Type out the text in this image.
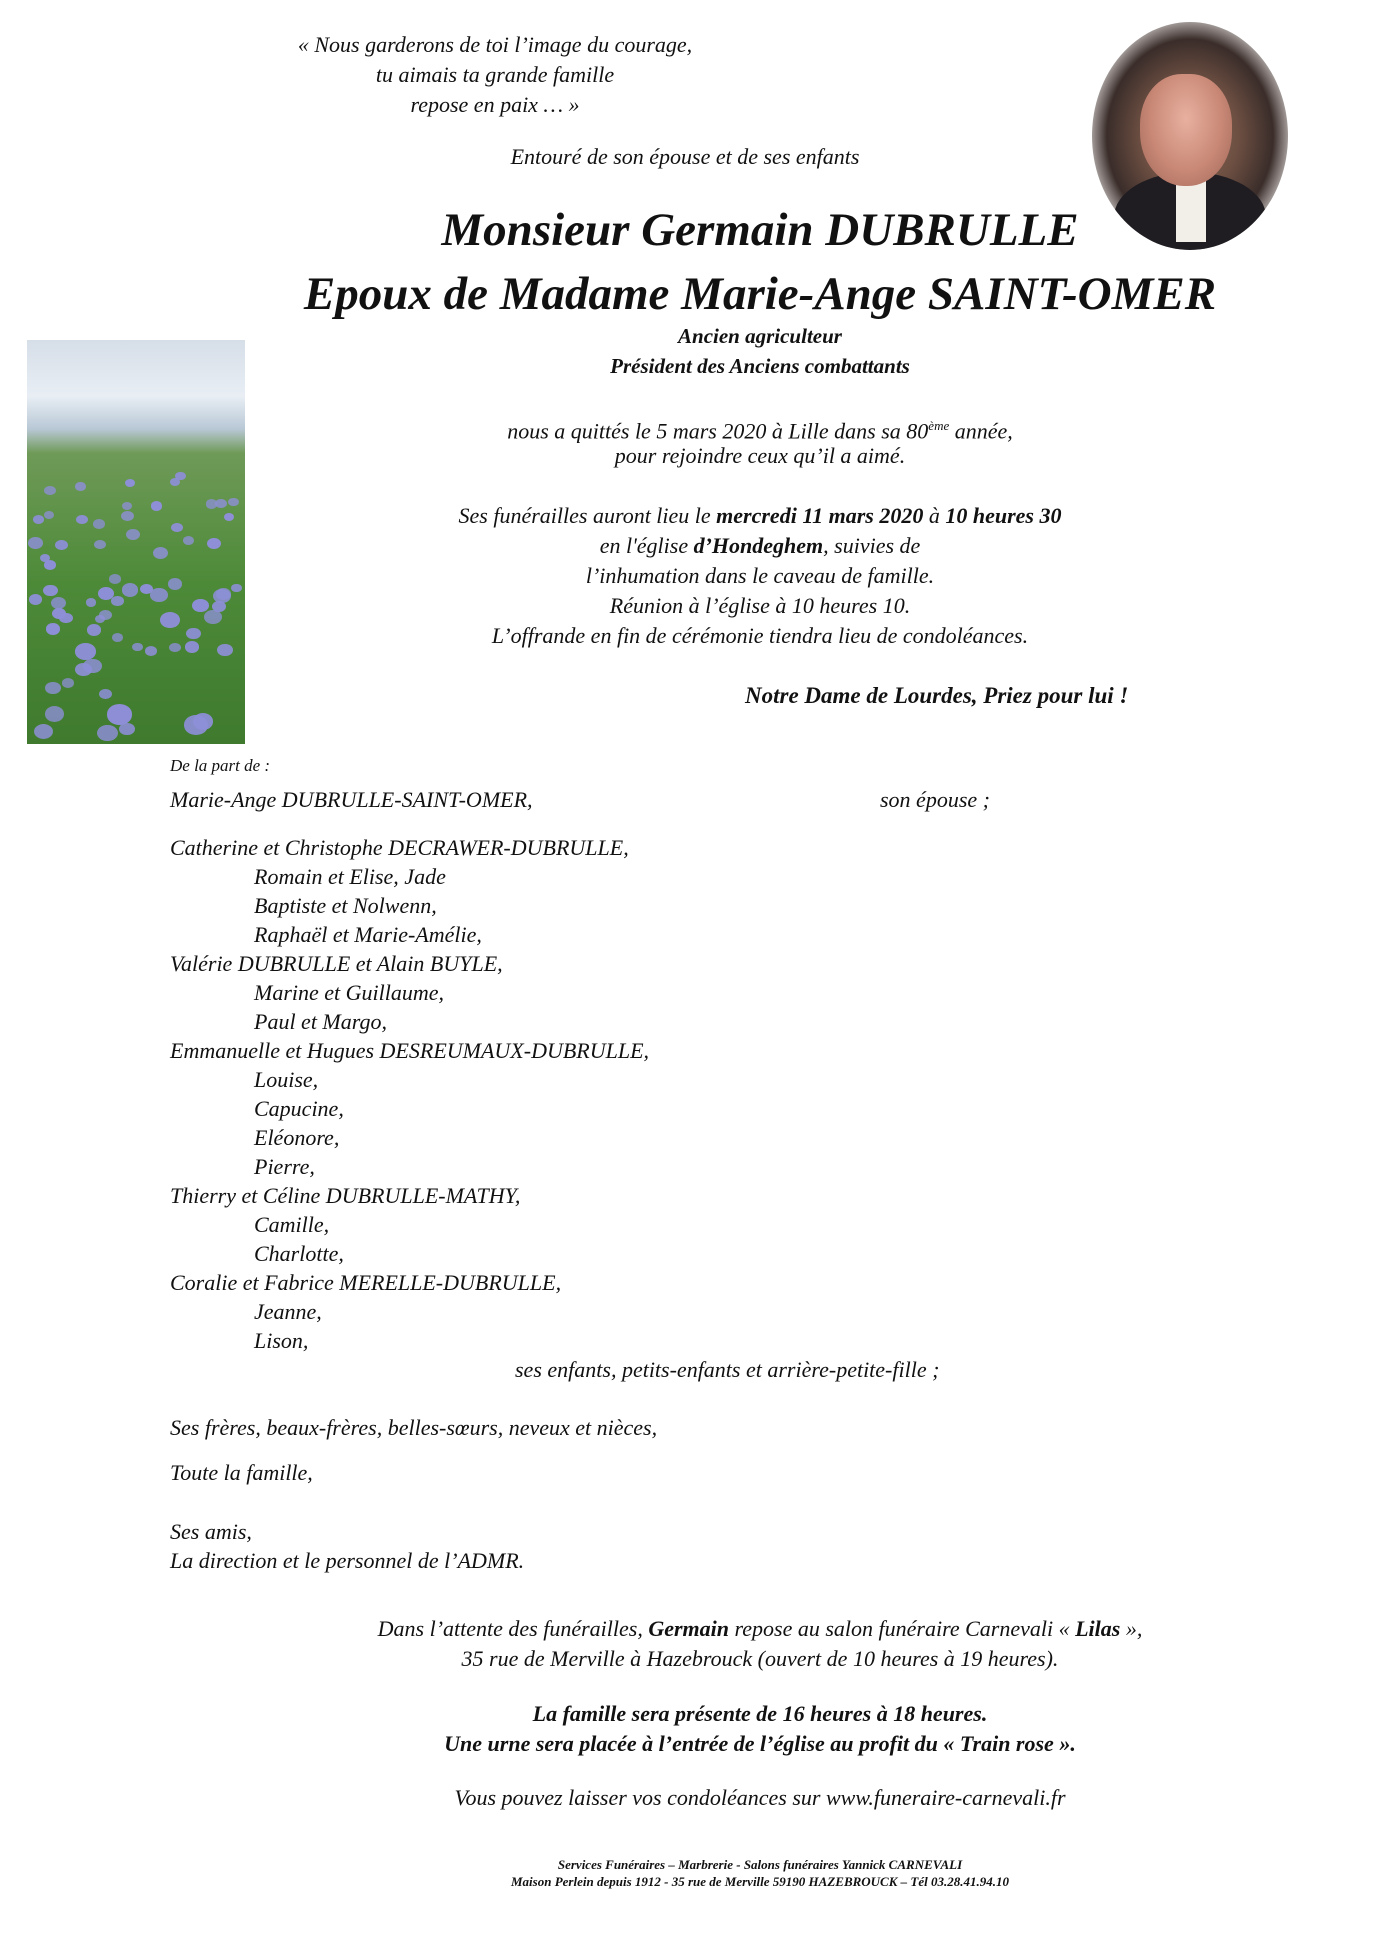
« Nous garderons de toi l’image du courage,
tu aimais ta grande famille
repose en paix … »
Entouré de son épouse et de ses enfants
Monsieur Germain DUBRULLE
Epoux de Madame Marie-Ange SAINT-OMER
Ancien agriculteur
Président des Anciens combattants
nous a quittés le 5 mars 2020 à Lille dans sa 80ème année,
pour rejoindre ceux qu’il a aimé.
Ses funérailles auront lieu le mercredi 11 mars 2020 à 10 heures 30
en l'église d’Hondeghem, suivies de
l’inhumation dans le caveau de famille.
Réunion à l’église à 10 heures 10.
L’offrande en fin de cérémonie tiendra lieu de condoléances.
Notre Dame de Lourdes, Priez pour lui !
De la part de :
Marie-Ange DUBRULLE-SAINT-OMER,	son épouse ;
Catherine et Christophe DECRAWER-DUBRULLE,
Romain et Elise, Jade
Baptiste et Nolwenn,
Raphaël et Marie-Amélie,
Valérie DUBRULLE et Alain BUYLE,
Marine et Guillaume,
Paul et Margo,
Emmanuelle et Hugues DESREUMAUX-DUBRULLE,
Louise,
Capucine,
Eléonore,
Pierre,
Thierry et Céline DUBRULLE-MATHY,
Camille,
Charlotte,
Coralie et Fabrice MERELLE-DUBRULLE,
Jeanne,
Lison,
ses enfants, petits-enfants et arrière-petite-fille ;
Ses frères, beaux-frères, belles-sœurs, neveux et nièces,
Toute la famille,
Ses amis,
La direction et le personnel de l’ADMR.
Dans l’attente des funérailles, Germain repose au salon funéraire Carnevali « Lilas »,
35 rue de Merville à Hazebrouck (ouvert de 10 heures à 19 heures).
La famille sera présente de 16 heures à 18 heures.
Une urne sera placée à l’entrée de l’église au profit du « Train rose ».
Vous pouvez laisser vos condoléances sur www.funeraire-carnevali.fr
Services Funéraires – Marbrerie - Salons funéraires Yannick CARNEVALI
Maison Perlein depuis 1912 - 35 rue de Merville 59190 HAZEBROUCK – Tél 03.28.41.94.10
